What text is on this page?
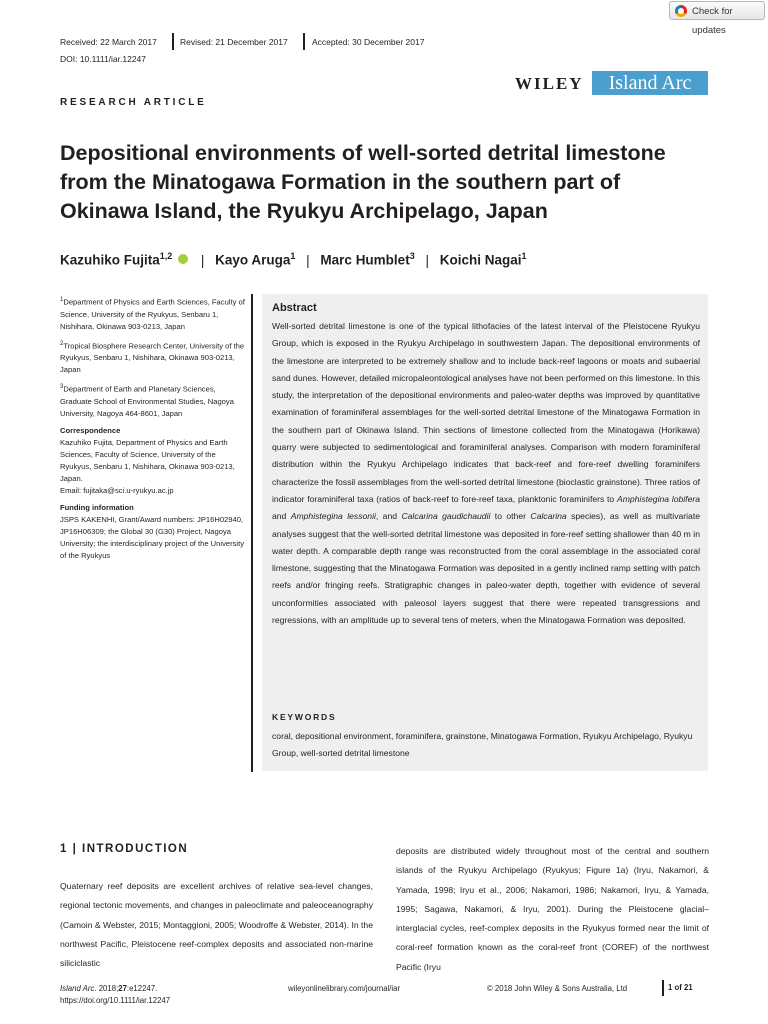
Check for updates
Received: 22 March 2017	Revised: 21 December 2017	Accepted: 30 December 2017
DOI: 10.1111/iar.12247
WILEY	Island Arc
RESEARCH ARTICLE
Depositional environments of well-sorted detrital limestone from the Minatogawa Formation in the southern part of Okinawa Island, the Ryukyu Archipelago, Japan
Kazuhiko Fujita$^{1,2}$ | Kayo Aruga$^1$ | Marc Humblet$^3$ | Koichi Nagai$^1$

$^1$Department of Physics and Earth Sciences, Faculty of Science, University of the Ryukyus, Senbaru 1, Nishihara, Okinawa 903-0213, Japan

$^2$Tropical Biosphere Research Center, University of the Ryukyus, Senbaru 1, Nishihara, Okinawa 903-0213, Japan

$^3$Department of Earth and Planetary Sciences, Graduate School of Environmental Studies, Nagoya University, Nagoya 464-8601, Japan

Correspondence

Kazuhiko Fujita, Department of Physics and Earth Sciences, Faculty of Science, University of the Ryukyus, Senbaru 1, Nishihara, Okinawa 903-0213, Japan.

Email: fujitaka@sci.u-ryukyu.ac.jp

Funding information

JSPS KAKENHI, Grant/Award numbers: JP16H02940, JP16H06309; the Global 30 (G30) Project, Nagoya University; the interdisciplinary project of the University of the Ryukyus

Abstract
Well-sorted detrital limestone is one of the typical lithofacies of the latest interval of the Pleistocene Ryukyu Group, which is exposed in the Ryukyu Archipelago in southwestern Japan. The depositional environments of the limestone are interpreted to be extremely shallow and to include back-reef lagoons or moats and subaerial sand dunes. However, detailed micropaleontological analyses have not been performed on this limestone. In this study, the interpretation of the depositional environments and paleo-water depths was improved by quantitative examination of foraminiferal assemblages for the well-sorted detrital limestone of the Minatogawa Formation in the southern part of Okinawa Island. Thin sections of limestone collected from the Minatogawa (Horikawa) quarry were subjected to sedimentological and foraminiferal analyses. Comparison with modern foraminiferal distribution within the Ryukyu Archipelago indicates that back-reef and fore-reef dwelling foraminifers characterize the fossil assemblages from the well-sorted detrital limestone (bioclastic grainstone). Three ratios of indicator foraminiferal taxa (ratios of back-reef to fore-reef taxa, planktonic foraminifers to Amphistegina lobifera and Amphistegina lessonii, and Calcarina gaudichaudii to other Calcarina species), as well as multivariate analyses suggest that the well-sorted detrital limestone was deposited in fore-reef setting shallower than 40 m in water depth. A comparable depth range was reconstructed from the coral assemblage in the associated coral limestone, suggesting that the Minatogawa Formation was deposited in a gently inclined ramp setting with patch reefs and/or fringing reefs. Stratigraphic changes in paleo-water depth, together with evidence of several unconformities associated with paleosol layers suggest that there were repeated transgressions and regressions, with an amplitude up to several tens of meters, when the Minatogawa Formation was deposited.
KEYWORDS
coral, depositional environment, foraminifera, grainstone, Minatogawa Formation, Ryukyu Archipelago, Ryukyu Group, well-sorted detrital limestone
1 | INTRODUCTION
Quaternary reef deposits are excellent archives of relative sea-level changes, regional tectonic movements, and changes in paleoclimate and paleoceanography (Camoin & Webster, 2015; Montaggioni, 2005; Woodroffe & Webster, 2014). In the northwest Pacific, Pleistocene reef-complex deposits and associated non-marine siliciclastic
deposits are distributed widely throughout most of the central and southern islands of the Ryukyu Archipelago (Ryukyus; Figure 1a) (Iryu, Nakamori, & Yamada, 1998; Iryu et al., 2006; Nakamori, 1986; Nakamori, Iryu, & Yamada, 1995; Sagawa, Nakamori, & Iryu, 2001). During the Pleistocene glacial–interglacial cycles, reef-complex deposits in the Ryukyus formed near the limit of coral-reef formation known as the coral-reef front (COREF) of the northwest Pacific (Iryu
Island Arc. 2018;27:e12247.
https://doi.org/10.1111/iar.12247
wileyonlinelibrary.com/journal/iar	© 2018 John Wiley & Sons Australia, Ltd	1 of 21
